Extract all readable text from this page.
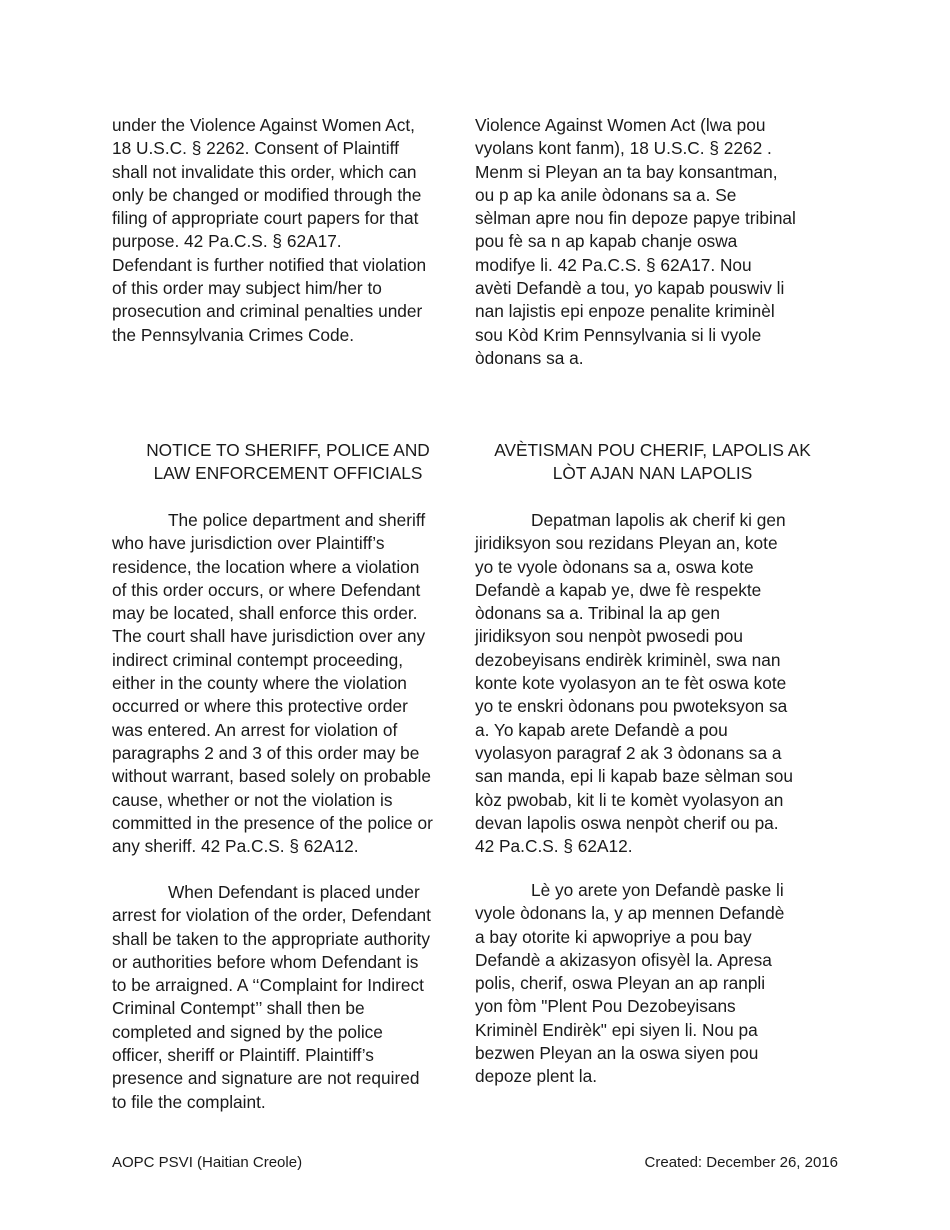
under the Violence Against Women Act,
18 U.S.C. § 2262. Consent of Plaintiff
shall not invalidate this order, which can
only be changed or modified through the
filing of appropriate court papers for that
purpose. 42 Pa.C.S. § 62A17.
Defendant is further notified that violation
of this order may subject him/her to
prosecution and criminal penalties under
the Pennsylvania Crimes Code.
Violence Against Women Act (lwa pou
vyolans kont fanm), 18 U.S.C. § 2262 .
Menm si Pleyan an ta bay konsantman,
ou p ap ka anile òdonans sa a. Se
sèlman apre nou fin depoze papye tribinal
pou fè sa n ap kapab chanje oswa
modifye li. 42 Pa.C.S. § 62A17. Nou
avèti Defandè a tou, yo kapab pouswiv li
nan lajistis epi enpoze penalite kriminèl
sou Kòd Krim Pennsylvania si li vyole
òdonans sa a.
NOTICE TO SHERIFF, POLICE AND
LAW ENFORCEMENT OFFICIALS
AVÈTISMAN POU CHERIF, LAPOLIS AK
LÒT AJAN NAN LAPOLIS
The police department and sheriff
who have jurisdiction over Plaintiff’s
residence, the location where a violation
of this order occurs, or where Defendant
may be located, shall enforce this order.
The court shall have jurisdiction over any
indirect criminal contempt proceeding,
either in the county where the violation
occurred or where this protective order
was entered. An arrest for violation of
paragraphs 2 and 3 of this order may be
without warrant, based solely on probable
cause, whether or not the violation is
committed in the presence of the police or
any sheriff. 42 Pa.C.S. § 62A12.
Depatman lapolis ak cherif ki gen
jiridiksyon sou rezidans Pleyan an, kote
yo te vyole òdonans sa a, oswa kote
Defandè a kapab ye, dwe fè respekte
òdonans sa a. Tribinal la ap gen
jiridiksyon sou nenpòt pwosedi pou
dezobeyisans endirèk kriminèl, swa nan
konte kote vyolasyon an te fèt oswa kote
yo te enskri òdonans pou pwoteksyon sa
a. Yo kapab arete Defandè a pou
vyolasyon paragraf 2 ak 3 òdonans sa a
san manda, epi li kapab baze sèlman sou
kòz pwobab, kit li te komèt vyolasyon an
devan lapolis oswa nenpòt cherif ou pa.
42 Pa.C.S. § 62A12.
When Defendant is placed under
arrest for violation of the order, Defendant
shall be taken to the appropriate authority
or authorities before whom Defendant is
to be arraigned. A ‘‘Complaint for Indirect
Criminal Contempt’’ shall then be
completed and signed by the police
officer, sheriff or Plaintiff. Plaintiff’s
presence and signature are not required
to file the complaint.
Lè yo arete yon Defandè paske li
vyole òdonans la, y ap mennen Defandè
a bay otorite ki apwopriye a pou bay
Defandè a akizasyon ofisyèl la. Apresa
polis, cherif, oswa Pleyan an ap ranpli
yon fòm "Plent Pou Dezobeyisans
Kriminèl Endirèk" epi siyen li. Nou pa
bezwen Pleyan an la oswa siyen pou
depoze plent la.
AOPC PSVI (Haitian Creole)	Created: December 26, 2016
